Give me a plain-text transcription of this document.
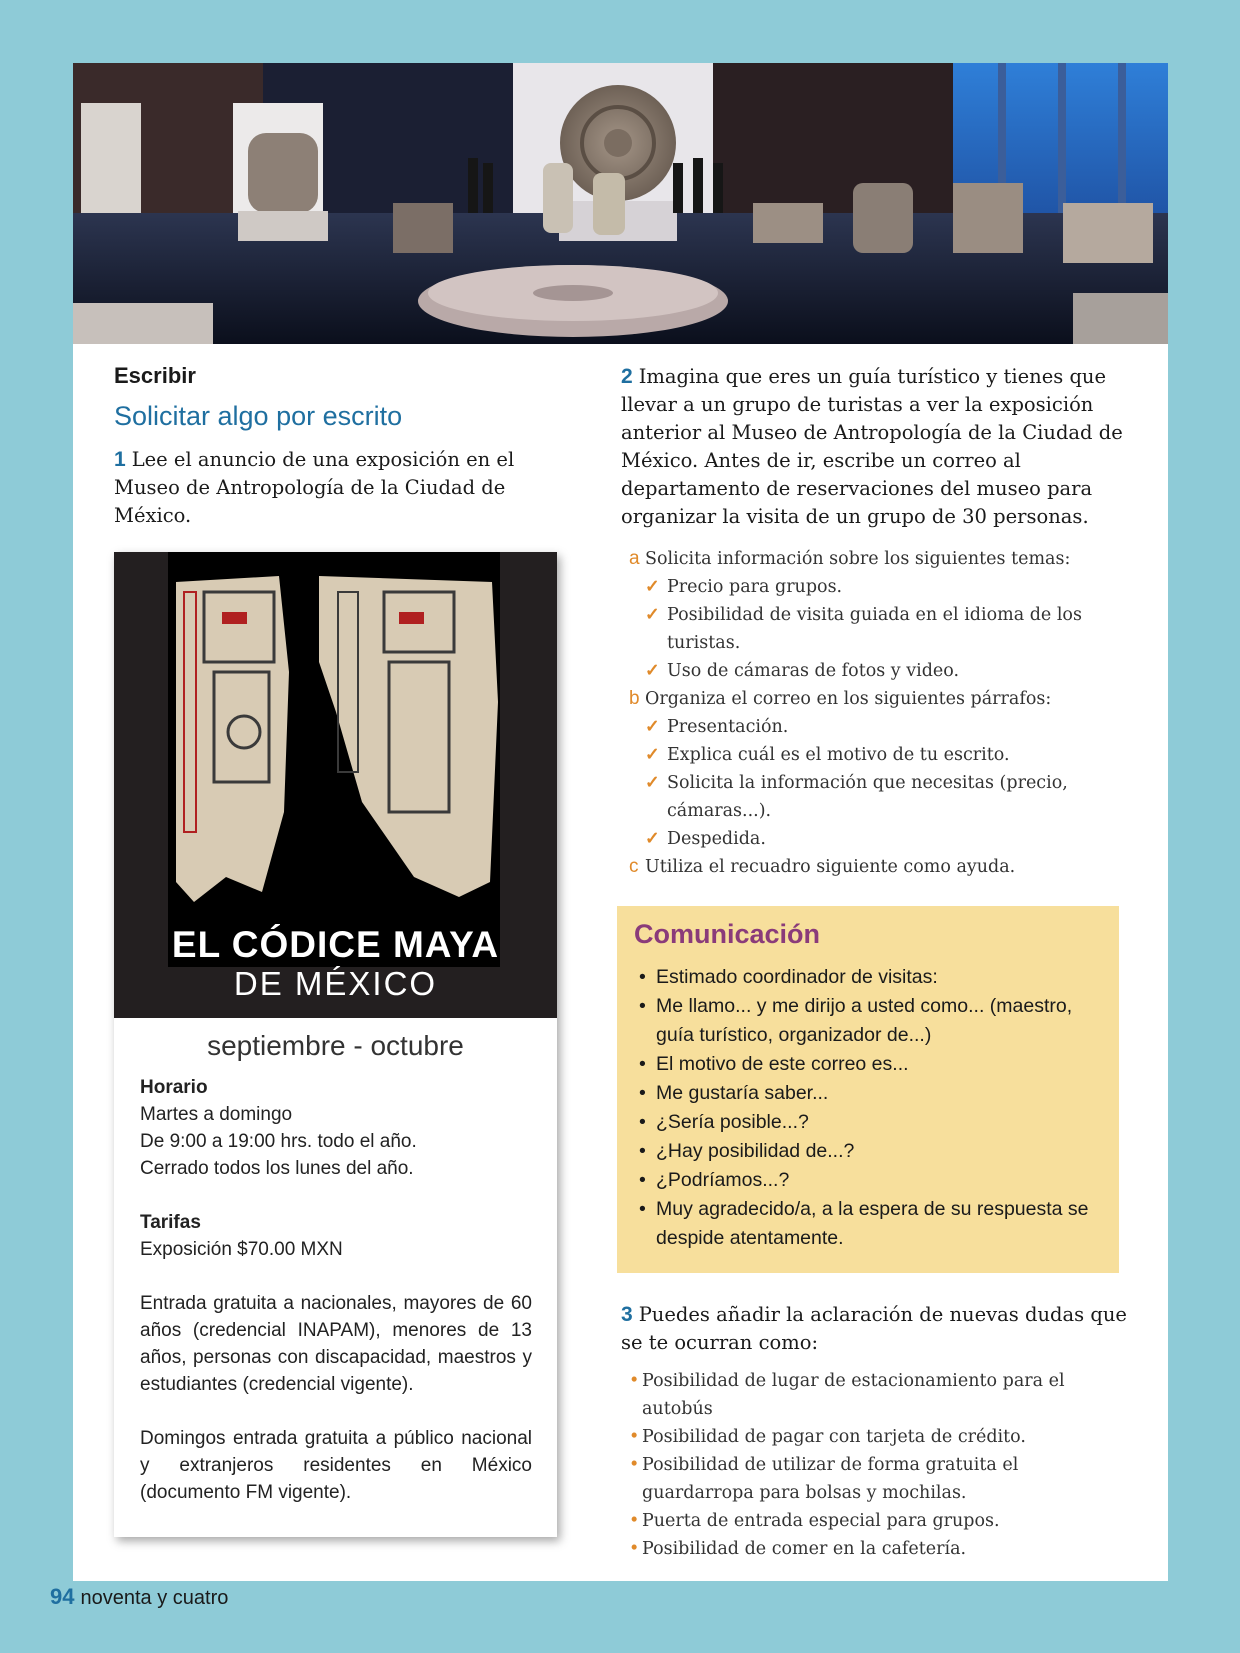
Escribir
Solicitar algo por escrito

1 Lee el anuncio de una exposición en el Museo de Antropología de la Ciudad de México.

EL CÓDICE MAYA
DE MÉXICO
septiembre - octubre
Horario
Martes a domingo
De 9:00 a 19:00 hrs. todo el año.
Cerrado todos los lunes del año.
Tarifas
Exposición $70.00 MXN
Entrada gratuita a nacionales, mayores de 60 años (credencial INAPAM), menores de 13 años, personas con discapacidad, maestros y estudiantes (credencial vigente).
Domingos entrada gratuita a público nacional y extranjeros residentes en México (documento FM vigente).

2 Imagina que eres un guía turístico y tienes que llevar a un grupo de turistas a ver la exposición anterior al Museo de Antropología de la Ciudad de México. Antes de ir, escribe un correo al departamento de reservaciones del museo para organizar la visita de un grupo de 30 personas.

a Solicita información sobre los siguientes temas:
✓ Precio para grupos.
✓ Posibilidad de visita guiada en el idioma de los turistas.
✓ Uso de cámaras de fotos y video.
b Organiza el correo en los siguientes párrafos:
✓ Presentación.
✓ Explica cuál es el motivo de tu escrito.
✓ Solicita la información que necesitas (precio, cámaras...).
✓ Despedida.
c Utiliza el recuadro siguiente como ayuda.
Comunicación
• Estimado coordinador de visitas:
• Me llamo... y me dirijo a usted como... (maestro, guía turístico, organizador de...)
• El motivo de este correo es...
• Me gustaría saber...
• ¿Sería posible...?
• ¿Hay posibilidad de...?
• ¿Podríamos...?
• Muy agradecido/a, a la espera de su respuesta se despide atentamente.

3 Puedes añadir la aclaración de nuevas dudas que se te ocurran como:

• Posibilidad de lugar de estacionamiento para el autobús
• Posibilidad de pagar con tarjeta de crédito.
• Posibilidad de utilizar de forma gratuita el guardarropa para bolsas y mochilas.
• Puerta de entrada especial para grupos.
• Posibilidad de comer en la cafetería.
94 noventa y cuatro
